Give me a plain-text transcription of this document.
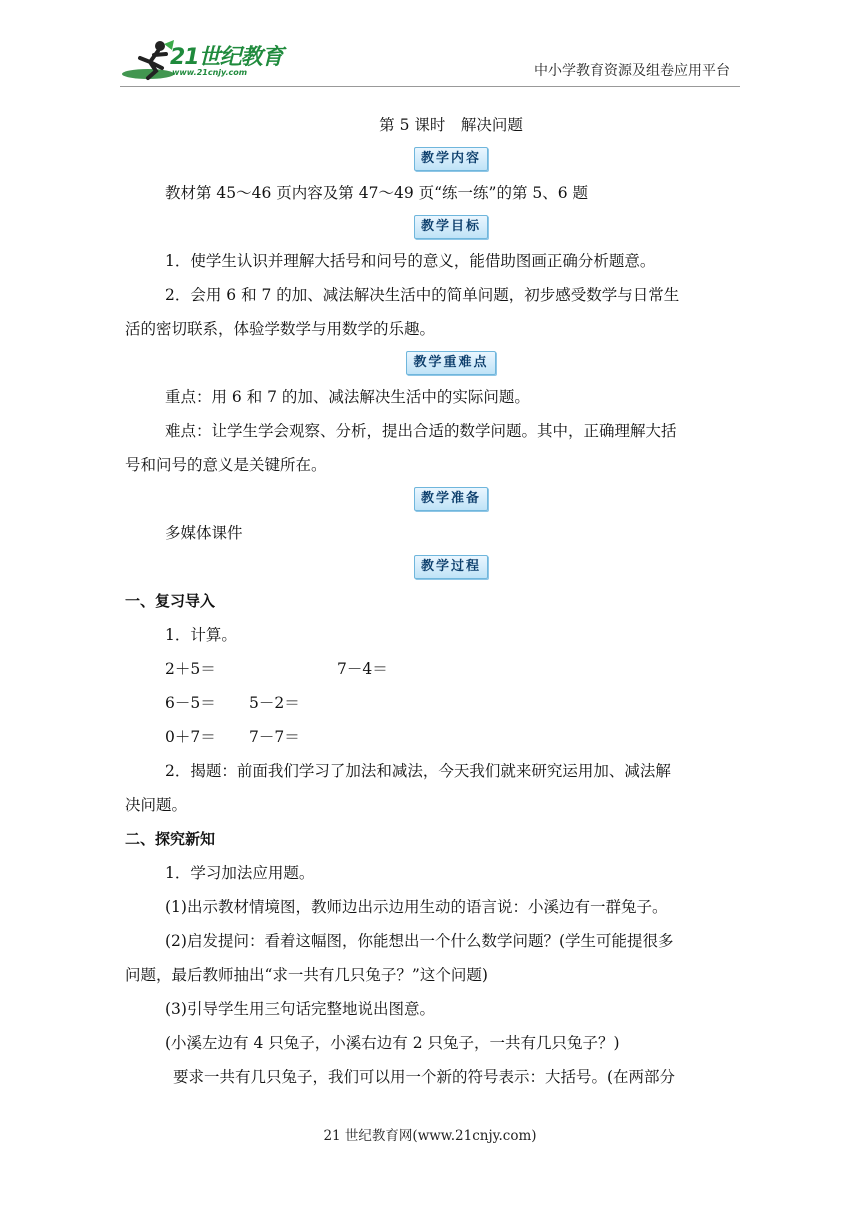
21世纪教育
www.21cnjy.com	中小学教育资源及组卷应用平台
第 5 课时　解决问题
教学内容
教材第 45～46 页内容及第 47～49 页“练一练”的第 5、6 题
教学目标
1．使学生认识并理解大括号和问号的意义，能借助图画正确分析题意。
2．会用 6 和 7 的加、减法解决生活中的简单问题，初步感受数学与日常生
活的密切联系，体验学数学与用数学的乐趣。
教学重难点
重点：用 6 和 7 的加、减法解决生活中的实际问题。
难点：让学生学会观察、分析，提出合适的数学问题。其中，正确理解大括
号和问号的意义是关键所在。
教学准备
多媒体课件
教学过程
一、复习导入
1．计算。
2＋5＝	7－4＝
6－5＝ 5－2＝
0＋7＝ 7－7＝
2．揭题：前面我们学习了加法和减法，今天我们就来研究运用加、减法解
决问题。
二、探究新知
1．学习加法应用题。
(1)出示教材情境图，教师边出示边用生动的语言说：小溪边有一群兔子。
(2)启发提问：看着这幅图，你能想出一个什么数学问题？(学生可能提很多
问题，最后教师抽出“求一共有几只兔子？”这个问题)
(3)引导学生用三句话完整地说出图意。
(小溪左边有 4 只兔子，小溪右边有 2 只兔子，一共有几只兔子？)
要求一共有几只兔子，我们可以用一个新的符号表示：大括号。(在两部分
21 世纪教育网(www.21cnjy.com)
